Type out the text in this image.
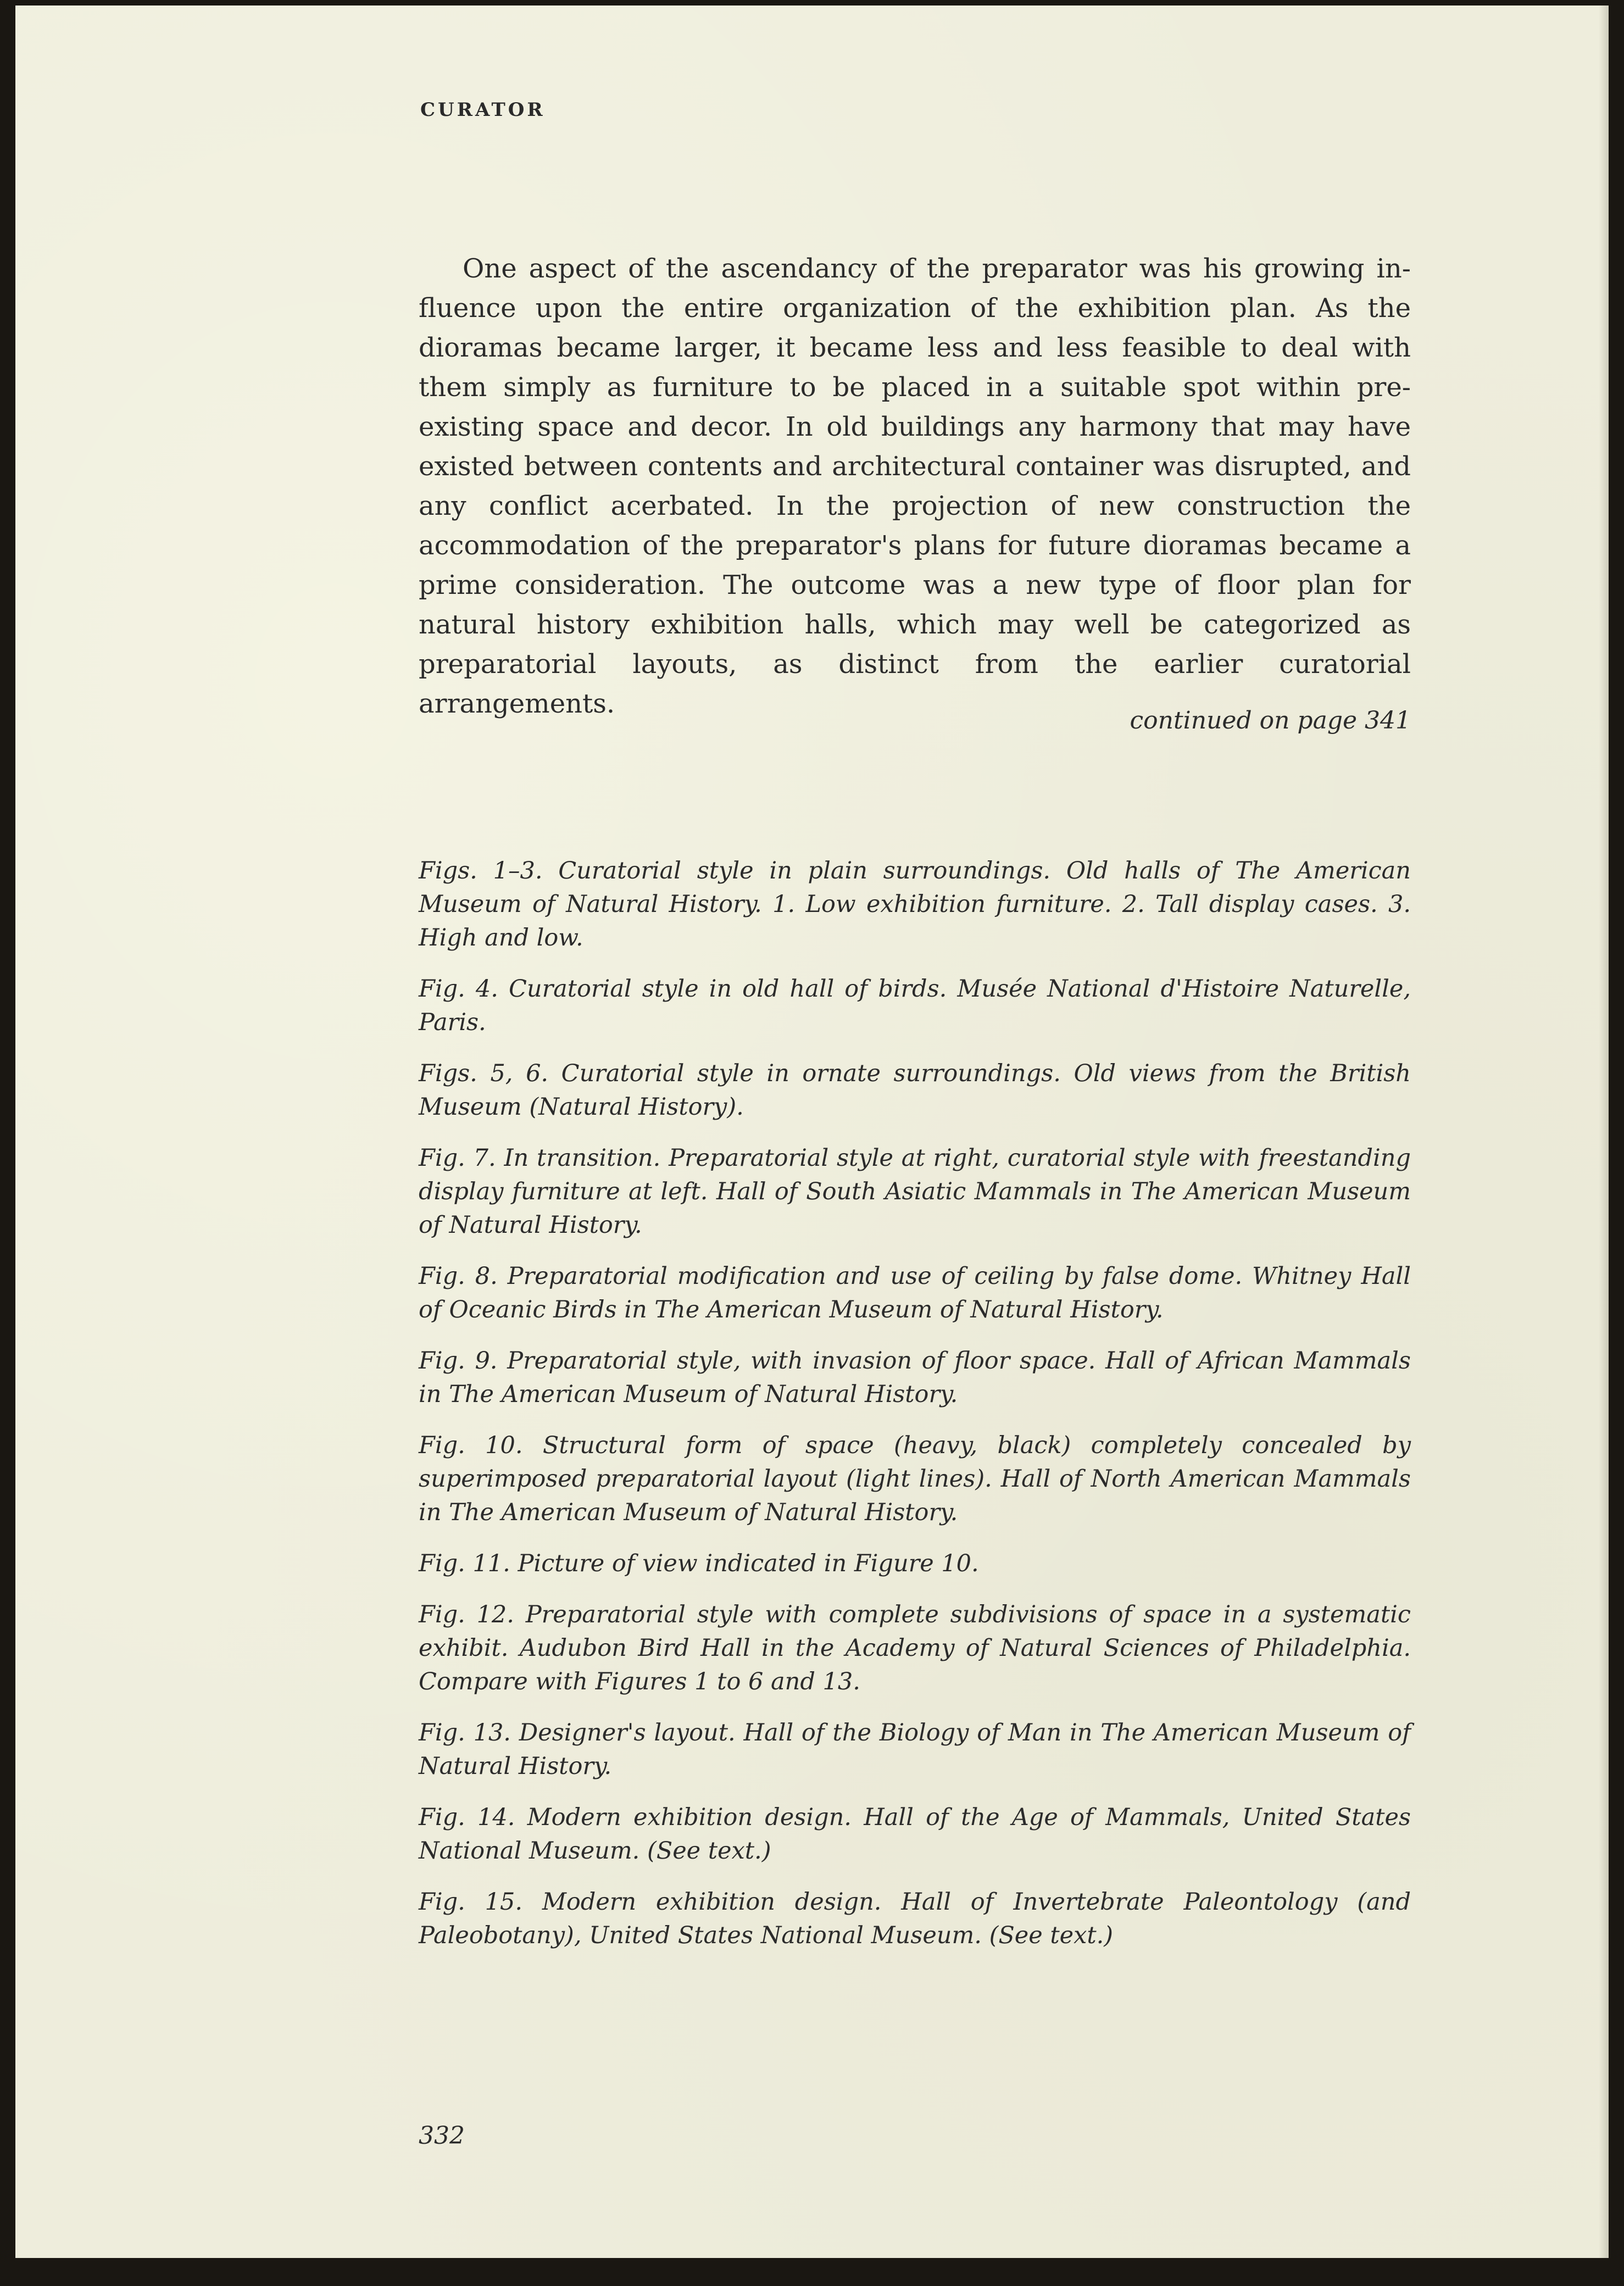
CURATOR

One aspect of the ascendancy of the preparator was his growing influence upon the entire organization of the exhibition plan. As the dioramas became larger, it became less and less feasible to deal with them simply as furniture to be placed in a suitable spot within pre-existing space and decor. In old buildings any harmony that may have existed between contents and architectural container was disrupted, and any conflict acerbated. In the projection of new construction the accommodation of the preparator's plans for future dioramas became a prime consideration. The outcome was a new type of floor plan for natural history exhibition halls, which may well be categorized as preparatorial layouts, as distinct from the earlier curatorial arrangements.

continued on page 341

Figs. 1–3. Curatorial style in plain surroundings. Old halls of The American Museum of Natural History. 1. Low exhibition furniture. 2. Tall display cases. 3. High and low.

Fig. 4. Curatorial style in old hall of birds. Musée National d'Histoire Naturelle, Paris.

Figs. 5, 6. Curatorial style in ornate surroundings. Old views from the British Museum (Natural History).

Fig. 7. In transition. Preparatorial style at right, curatorial style with freestanding display furniture at left. Hall of South Asiatic Mammals in The American Museum of Natural History.

Fig. 8. Preparatorial modification and use of ceiling by false dome. Whitney Hall of Oceanic Birds in The American Museum of Natural History.

Fig. 9. Preparatorial style, with invasion of floor space. Hall of African Mammals in The American Museum of Natural History.

Fig. 10. Structural form of space (heavy, black) completely concealed by superimposed preparatorial layout (light lines). Hall of North American Mammals in The American Museum of Natural History.

Fig. 11. Picture of view indicated in Figure 10.

Fig. 12. Preparatorial style with complete subdivisions of space in a systematic exhibit. Audubon Bird Hall in the Academy of Natural Sciences of Philadelphia. Compare with Figures 1 to 6 and 13.

Fig. 13. Designer's layout. Hall of the Biology of Man in The American Museum of Natural History.

Fig. 14. Modern exhibition design. Hall of the Age of Mammals, United States National Museum. (See text.)

Fig. 15. Modern exhibition design. Hall of Invertebrate Paleontology (and Paleobotany), United States National Museum. (See text.)

332
